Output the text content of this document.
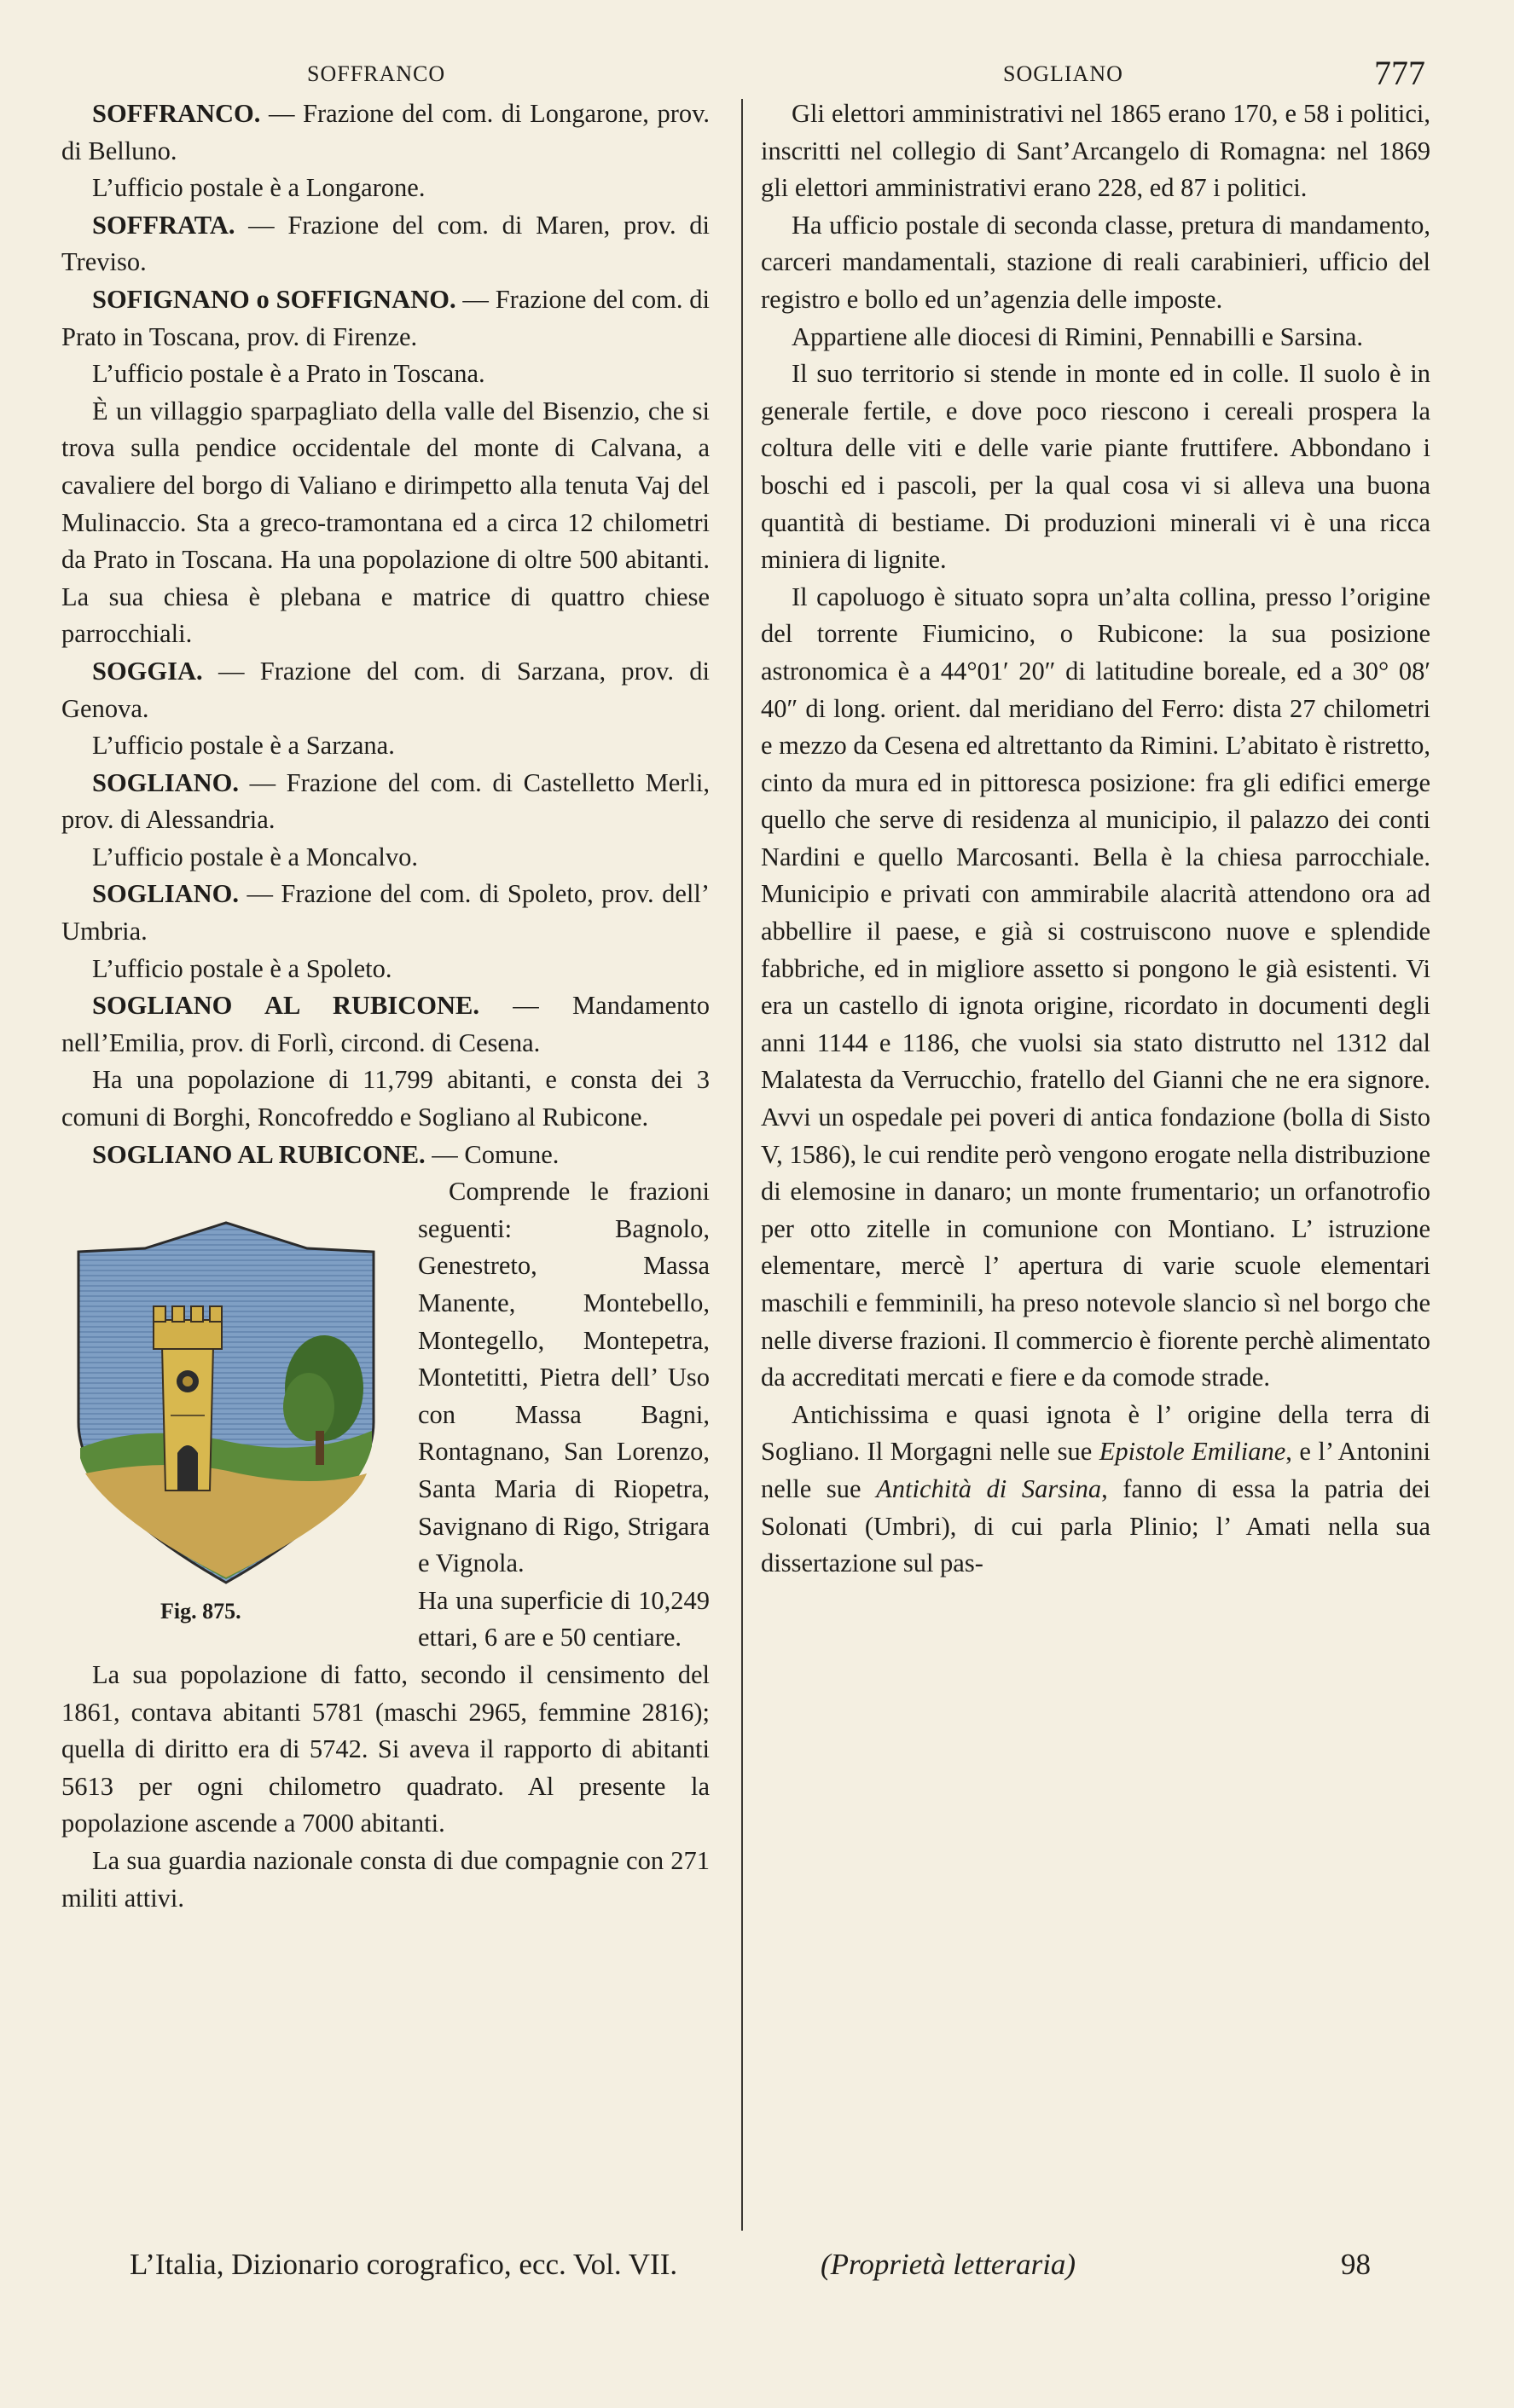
SOFFRANCO	SOGLIANO	777

SOFFRANCO. — Frazione del com. di Longarone, prov. di Belluno.

L’ufficio postale è a Longarone.

SOFFRATA. — Frazione del com. di Maren, prov. di Treviso.

SOFIGNANO o SOFFIGNANO. — Frazione del com. di Prato in Toscana, prov. di Firenze.

L’ufficio postale è a Prato in Toscana.

È un villaggio sparpagliato della valle del Bisenzio, che si trova sulla pendice occidentale del monte di Calvana, a cavaliere del borgo di Valiano e dirimpetto alla tenuta Vaj del Mulinaccio. Sta a greco-tramontana ed a circa 12 chilometri da Prato in Toscana. Ha una popolazione di oltre 500 abitanti. La sua chiesa è plebana e matrice di quattro chiese parrocchiali.

SOGGIA. — Frazione del com. di Sarzana, prov. di Genova.

L’ufficio postale è a Sarzana.

SOGLIANO. — Frazione del com. di Castelletto Merli, prov. di Alessandria.

L’ufficio postale è a Moncalvo.

SOGLIANO. — Frazione del com. di Spoleto, prov. dell’ Umbria.

L’ufficio postale è a Spoleto.

SOGLIANO AL RUBICONE. — Mandamento nell’Emilia, prov. di Forlì, circond. di Cesena.

Ha una popolazione di 11,799 abitanti, e consta dei 3 comuni di Borghi, Roncofreddo e Sogliano al Rubicone.

SOGLIANO AL RUBICONE. — Comune.

Fig. 875.

Comprende le frazioni seguenti: Bagnolo, Genestreto, Massa Manente, Montebello, Montegello, Montepetra, Montetitti, Pietra dell’ Uso con Massa Bagni, Rontagnano, San Lorenzo, Santa Maria di Riopetra, Savignano di Rigo, Strigara e Vignola.

Ha una superficie di 10,249 ettari, 6 are e 50 centiare.

La sua popolazione di fatto, secondo il censimento del 1861, contava abitanti 5781 (maschi 2965, femmine 2816); quella di diritto era di 5742. Si aveva il rapporto di abitanti 5613 per ogni chilometro quadrato. Al presente la popolazione ascende a 7000 abitanti.

La sua guardia nazionale consta di due compagnie con 271 militi attivi.

Gli elettori amministrativi nel 1865 erano 170, e 58 i politici, inscritti nel collegio di Sant’Arcangelo di Romagna: nel 1869 gli elettori amministrativi erano 228, ed 87 i politici.

Ha ufficio postale di seconda classe, pretura di mandamento, carceri mandamentali, stazione di reali carabinieri, ufficio del registro e bollo ed un’agenzia delle imposte.

Appartiene alle diocesi di Rimini, Pennabilli e Sarsina.

Il suo territorio si stende in monte ed in colle. Il suolo è in generale fertile, e dove poco riescono i cereali prospera la coltura delle viti e delle varie piante fruttifere. Abbondano i boschi ed i pascoli, per la qual cosa vi si alleva una buona quantità di bestiame. Di produzioni minerali vi è una ricca miniera di lignite.

Il capoluogo è situato sopra un’alta collina, presso l’origine del torrente Fiumicino, o Rubicone: la sua posizione astronomica è a 44°01′ 20″ di latitudine boreale, ed a 30° 08′ 40″ di long. orient. dal meridiano del Ferro: dista 27 chilometri e mezzo da Cesena ed altrettanto da Rimini. L’abitato è ristretto, cinto da mura ed in pittoresca posizione: fra gli edifici emerge quello che serve di residenza al municipio, il palazzo dei conti Nardini e quello Marcosanti. Bella è la chiesa parrocchiale. Municipio e privati con ammirabile alacrità attendono ora ad abbellire il paese, e già si costruiscono nuove e splendide fabbriche, ed in migliore assetto si pongono le già esistenti. Vi era un castello di ignota origine, ricordato in documenti degli anni 1144 e 1186, che vuolsi sia stato distrutto nel 1312 dal Malatesta da Verrucchio, fratello del Gianni che ne era signore. Avvi un ospedale pei poveri di antica fondazione (bolla di Sisto V, 1586), le cui rendite però vengono erogate nella distribuzione di elemosine in danaro; un monte frumentario; un orfanotrofio per otto zitelle in comunione con Montiano. L’ istruzione elementare, mercè l’ apertura di varie scuole elementari maschili e femminili, ha preso notevole slancio sì nel borgo che nelle diverse frazioni. Il commercio è fiorente perchè alimentato da accreditati mercati e fiere e da comode strade.

Antichissima e quasi ignota è l’ origine della terra di Sogliano. Il Morgagni nelle sue Epistole Emiliane, e l’ Antonini nelle sue Antichità di Sarsina, fanno di essa la patria dei Solonati (Umbri), di cui parla Plinio; l’ Amati nella sua dissertazione sul pas-

L’Italia, Dizionario corografico, ecc. Vol. VII.	(Proprietà letteraria)	98
